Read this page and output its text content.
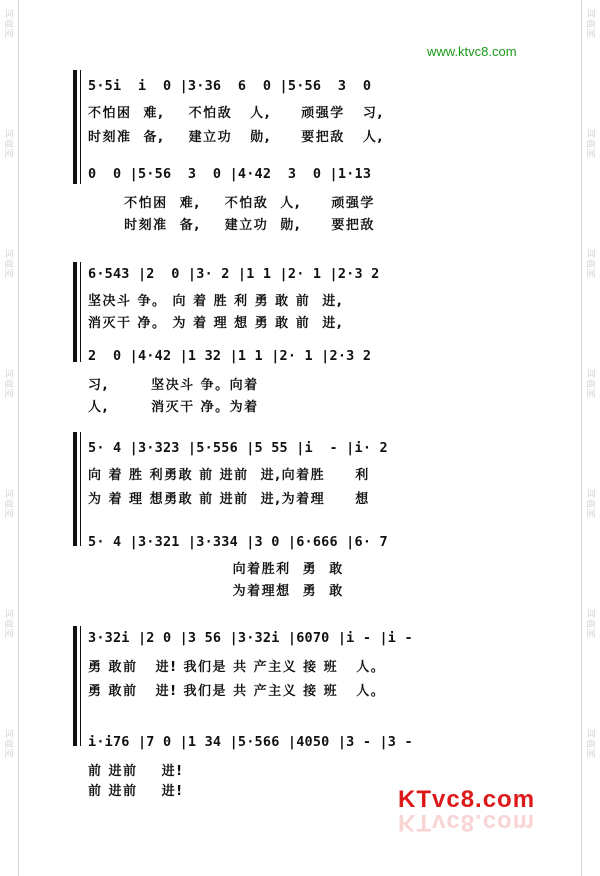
词
曲
网
词
曲
网
词
曲
网
词
曲
网
词
曲
网
词
曲
网
词
曲
网
词
曲
网
词
曲
网
词
曲
网
词
曲
网
词
曲
网
词
曲
网
词
曲
网
www.ktvc8.com
5·5i  i  0 |3·36  6  0 |5·56  3  0
不怕困  难,    不怕敌   人,     顽强学   习,
时刻准  备,    建立功   勋,     要把敌   人,
0  0 |5·56  3  0 |4·42  3  0 |1·13
不怕困  难,    不怕敌  人,     顽强学
时刻准  备,    建立功  勋,     要把敌
6·543 |2  0 |3· 2 |1 1 |2· 1 |2·3 2
坚决斗 争。 向 着 胜 利 勇 敢 前  进,
消灭干 净。 为 着 理 想 勇 敢 前  进,
2  0 |4·42 |1 32 |1 1 |2· 1 |2·3 2
习,       坚决斗 争。向着
人,       消灭干 净。为着
5· 4 |3·323 |5·556 |5 55 |i  - |i· 2
向 着 胜 利勇敢 前 进前  进,向着胜     利
为 着 理 想勇敢 前 进前  进,为着理     想
5· 4 |3·321 |3·334 |3 0 |6·666 |6· 7
向着胜利  勇  敢
为着理想  勇  敢
3·32i |2 0 |3 56 |3·32i |6070 |i - |i -
勇 敢前   进! 我们是 共 产主义 接 班   人。
勇 敢前   进! 我们是 共 产主义 接 班   人。
i·i76 |7 0 |1 34 |5·566 |4050 |3 - |3 -
前 进前    进!
前 进前    进!	KTvc8.com
KTvc8.com
